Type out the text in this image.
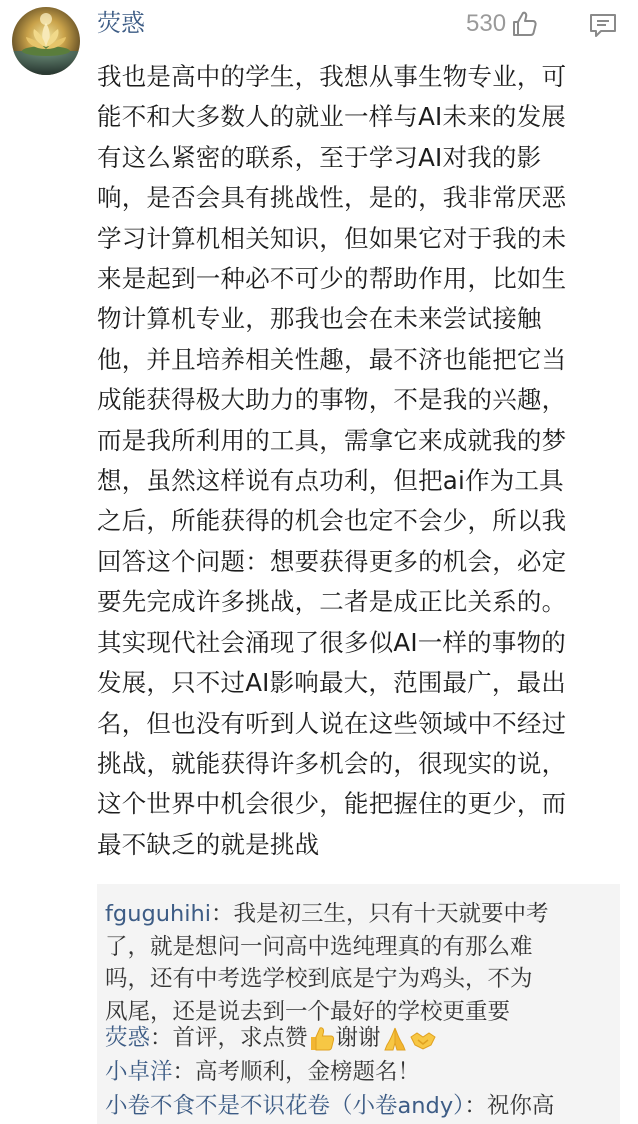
荧惑	530
我也是高中的学生，我想从事生物专业，可
能不和大多数人的就业一样与AI未来的发展
有这么紧密的联系，至于学习AI对我的影
响，是否会具有挑战性，是的，我非常厌恶
学习计算机相关知识，但如果它对于我的未
来是起到一种必不可少的帮助作用，比如生
物计算机专业，那我也会在未来尝试接触
他，并且培养相关性趣，最不济也能把它当
成能获得极大助力的事物，不是我的兴趣，
而是我所利用的工具，需拿它来成就我的梦
想，虽然这样说有点功利，但把ai作为工具
之后，所能获得的机会也定不会少，所以我
回答这个问题：想要获得更多的机会，必定
要先完成许多挑战，二者是成正比关系的。
其实现代社会涌现了很多似AI一样的事物的
发展，只不过AI影响最大，范围最广，最出
名，但也没有听到人说在这些领域中不经过
挑战，就能获得许多机会的，很现实的说，
这个世界中机会很少，能把握住的更少，而
最不缺乏的就是挑战
fguguhihi：我是初三生，只有十天就要中考
了，就是想问一问高中选纯理真的有那么难
吗，还有中考选学校到底是宁为鸡头，不为
凤尾，还是说去到一个最好的学校更重要
荧惑：首评，求点赞 谢谢
小卓洋：高考顺利，金榜题名！
小卷不食不是不识花卷（小卷andy）：祝你高
